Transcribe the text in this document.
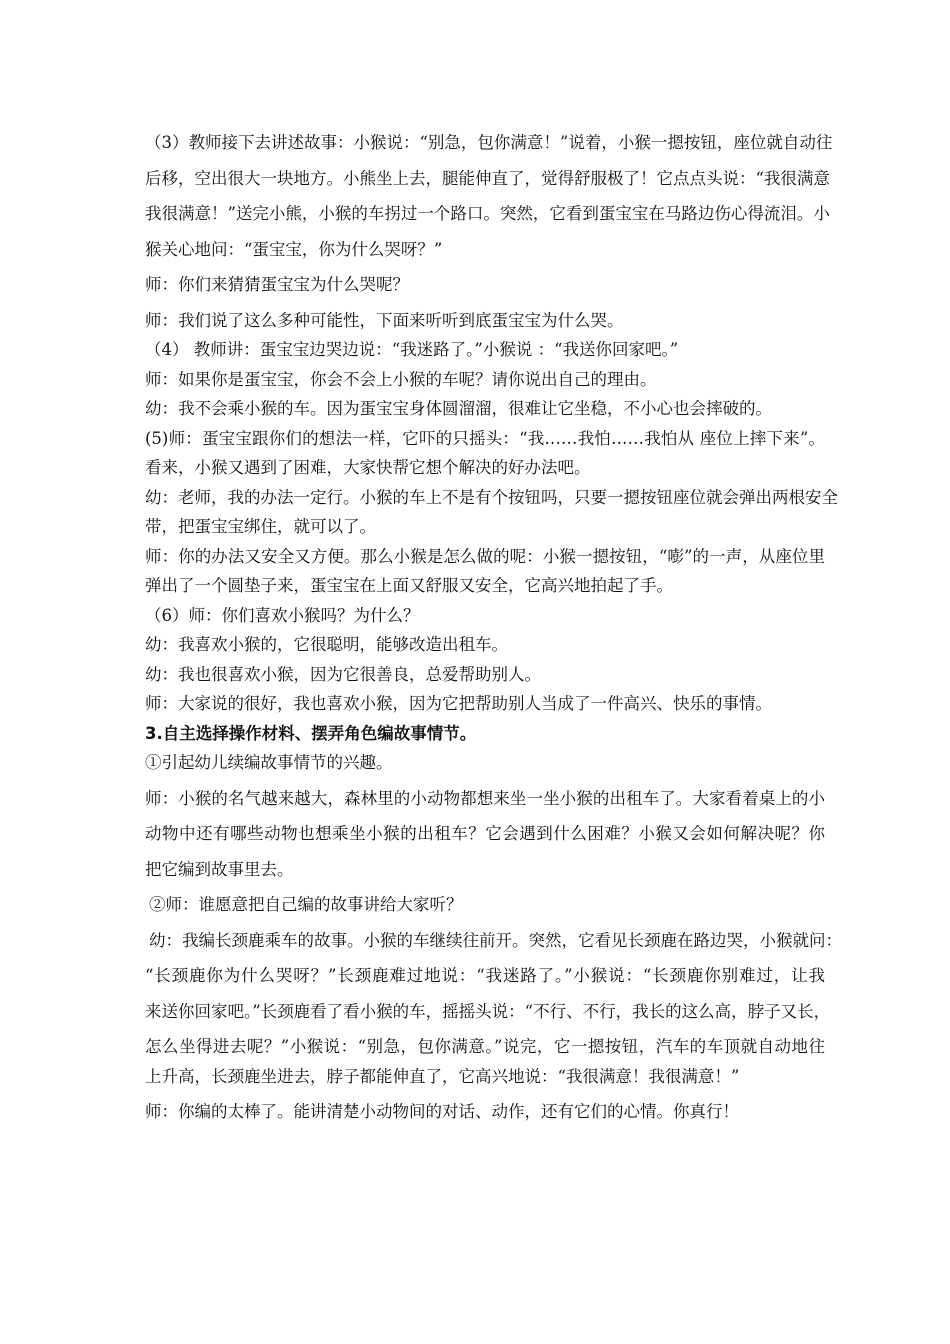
（3）教师接下去讲述故事：小猴说：“别急，包你满意！”说着，小猴一摁按钮，座位就自动往
后移，空出很大一块地方。小熊坐上去，腿能伸直了，觉得舒服极了！它点点头说：“我很满意
我很满意！”送完小熊，小猴的车拐过一个路口。突然，它看到蛋宝宝在马路边伤心得流泪。小
猴关心地问：“蛋宝宝，你为什么哭呀？”
师：你们来猜猜蛋宝宝为什么哭呢？
师：我们说了这么多种可能性，下面来听听到底蛋宝宝为什么哭。
（4） 教师讲：蛋宝宝边哭边说：“我迷路了。”小猴说 ：“我送你回家吧。”
师：如果你是蛋宝宝，你会不会上小猴的车呢？请你说出自己的理由。
幼：我不会乘小猴的车。因为蛋宝宝身体圆溜溜，很难让它坐稳，不小心也会摔破的。
(5)师：蛋宝宝跟你们的想法一样，它吓的只摇头：“我……我怕……我怕从 座位上摔下来”。
看来，小猴又遇到了困难，大家快帮它想个解决的好办法吧。
幼：老师，我的办法一定行。小猴的车上不是有个按钮吗，只要一摁按钮座位就会弹出两根安全
带，把蛋宝宝绑住，就可以了。
师：你的办法又安全又方便。那么小猴是怎么做的呢：小猴一摁按钮，“嘭”的一声，从座位里
弹出了一个圆垫子来，蛋宝宝在上面又舒服又安全，它高兴地拍起了手。
（6）师：你们喜欢小猴吗？为什么？
幼：我喜欢小猴的，它很聪明，能够改造出租车。
幼：我也很喜欢小猴，因为它很善良，总爱帮助别人。
师：大家说的很好，我也喜欢小猴，因为它把帮助别人当成了一件高兴、快乐的事情。
3.自主选择操作材料、摆弄角色编故事情节。
①引起幼儿续编故事情节的兴趣。
师：小猴的名气越来越大，森林里的小动物都想来坐一坐小猴的出租车了。大家看着桌上的小
动物中还有哪些动物也想乘坐小猴的出租车？它会遇到什么困难？小猴又会如何解决呢？你
把它编到故事里去。
②师：谁愿意把自己编的故事讲给大家听？
幼：我编长颈鹿乘车的故事。小猴的车继续往前开。突然，它看见长颈鹿在路边哭，小猴就问：
“长颈鹿你为什么哭呀？”长颈鹿难过地说：“我迷路了。”小猴说：“长颈鹿你别难过，让我
来送你回家吧。”长颈鹿看了看小猴的车，摇摇头说：“不行、不行，我长的这么高，脖子又长，
怎么坐得进去呢？”小猴说：“别急，包你满意。”说完，它一摁按钮，汽车的车顶就自动地往
上升高，长颈鹿坐进去，脖子都能伸直了，它高兴地说：“我很满意！我很满意！”
师：你编的太棒了。能讲清楚小动物间的对话、动作，还有它们的心情。你真行！
